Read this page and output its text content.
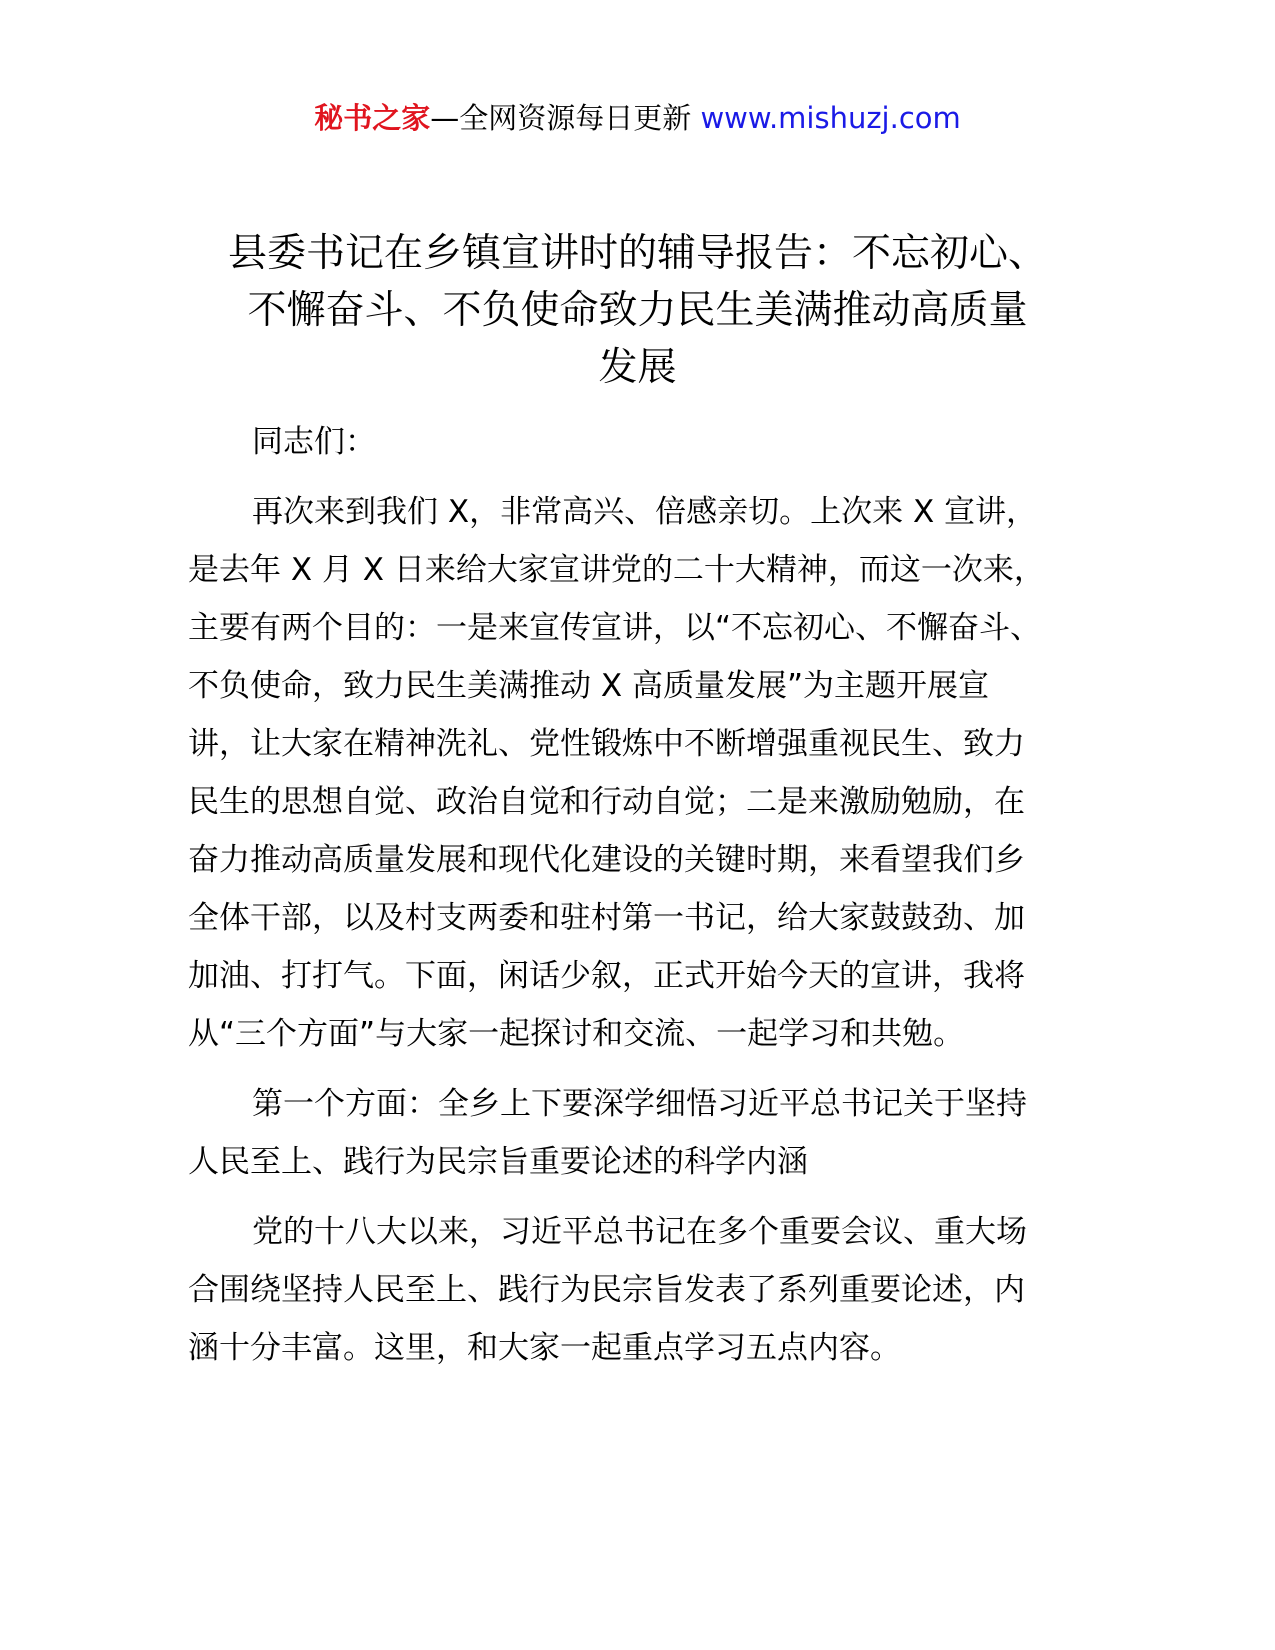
秘书之家—全网资源每日更新 www.mishuzj.com
县委书记在乡镇宣讲时的辅导报告：不忘初心、
不懈奋斗、不负使命致力民生美满推动高质量
发展

同志们：

再次来到我们 X，非常高兴、倍感亲切。上次来 X 宣讲，
是去年 X 月 X 日来给大家宣讲党的二十大精神，而这一次来，
主要有两个目的：一是来宣传宣讲，以“不忘初心、不懈奋斗、
不负使命，致力民生美满推动 X 高质量发展”为主题开展宣
讲，让大家在精神洗礼、党性锻炼中不断增强重视民生、致力
民生的思想自觉、政治自觉和行动自觉；二是来激励勉励，在
奋力推动高质量发展和现代化建设的关键时期，来看望我们乡
全体干部，以及村支两委和驻村第一书记，给大家鼓鼓劲、加
加油、打打气。下面，闲话少叙，正式开始今天的宣讲，我将
从“三个方面”与大家一起探讨和交流、一起学习和共勉。

第一个方面：全乡上下要深学细悟习近平总书记关于坚持
人民至上、践行为民宗旨重要论述的科学内涵

党的十八大以来，习近平总书记在多个重要会议、重大场
合围绕坚持人民至上、践行为民宗旨发表了系列重要论述，内
涵十分丰富。这里，和大家一起重点学习五点内容。
